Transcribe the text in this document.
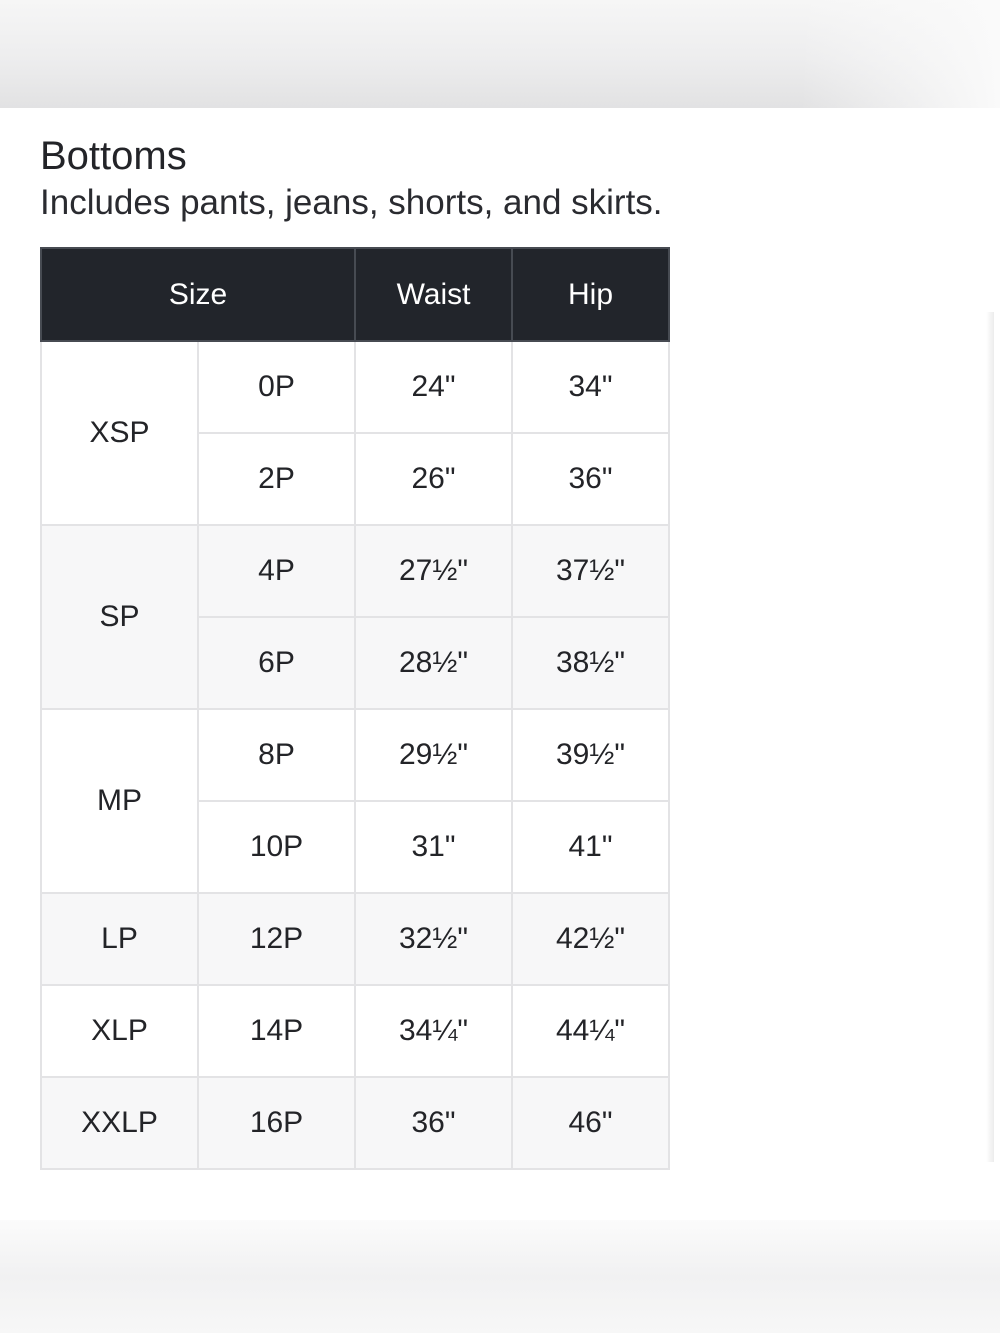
Bottoms

Includes pants, jeans, shorts, and skirts.

Size		Waist	Hip
XSP	0P	24"	34"
	2P	26"	36"
SP	4P	27½"	37½"
	6P	28½"	38½"
MP	8P	29½"	39½"
	10P	31"	41"
LP	12P	32½"	42½"
XLP	14P	34¼"	44¼"
XXLP	16P	36"	46"
